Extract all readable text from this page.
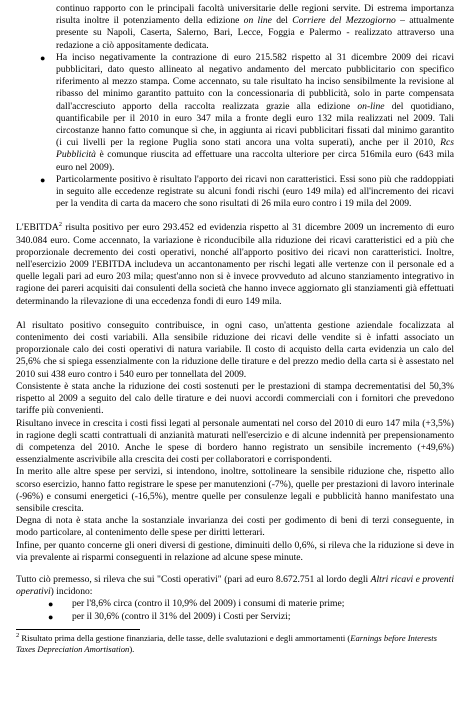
continuo rapporto con le principali facoltà universitarie delle regioni servite. Di estrema importanza risulta inoltre il potenziamento della edizione on line del Corriere del Mezzogiorno – attualmente presente su Napoli, Caserta, Salerno, Bari, Lecce, Foggia e Palermo - realizzato attraverso una redazione a ciò appositamente dedicata.

● Ha inciso negativamente la contrazione di euro 215.582 rispetto al 31 dicembre 2009 dei ricavi pubblicitari, dato questo allineato al negativo andamento del mercato pubblicitario con specifico riferimento al mezzo stampa. Come accennato, su tale risultato ha inciso sensibilmente la revisione al ribasso del minimo garantito pattuito con la concessionaria di pubblicità, solo in parte compensata dall'accresciuto apporto della raccolta realizzata grazie alla edizione on-line del quotidiano, quantificabile per il 2010 in euro 347 mila a fronte degli euro 132 mila realizzati nel 2009. Tali circostanze hanno fatto comunque sì che, in aggiunta ai ricavi pubblicitari fissati dal minimo garantito (i cui livelli per la regione Puglia sono stati ancora una volta superati), anche per il 2010, Rcs Pubblicità è comunque riuscita ad effettuare una raccolta ulteriore per circa 516mila euro (643 mila euro nel 2009).

● Particolarmente positivo è risultato l'apporto dei ricavi non caratteristici. Essi sono più che raddoppiati in seguito alle eccedenze registrate su alcuni fondi rischi (euro 149 mila) ed all'incremento dei ricavi per la vendita di carta da macero che sono risultati di 26 mila euro contro i 19 mila del 2009.

L'EBITDA$^2$ risulta positivo per euro 293.452 ed evidenzia rispetto al 31 dicembre 2009 un incremento di euro 340.084 euro. Come accennato, la variazione è riconducibile alla riduzione dei ricavi caratteristici ed a più che proporzionale decremento dei costi operativi, nonché all'apporto positivo dei ricavi non caratteristici. Inoltre, nell'esercizio 2009 l'EBITDA includeva un accantonamento per rischi legati alle vertenze con il personale ed a quelle legali pari ad euro 203 mila; quest'anno non si è invece provveduto ad alcuno stanziamento integrativo in ragione dei pareri acquisiti dai consulenti della società che hanno invece aggiornato gli stanziamenti già effettuati determinando la rilevazione di una eccedenza fondi di euro 149 mila.

Al risultato positivo conseguito contribuisce, in ogni caso, un'attenta gestione aziendale focalizzata al contenimento dei costi variabili. Alla sensibile riduzione dei ricavi delle vendite si è infatti associato un proporzionale calo dei costi operativi di natura variabile. Il costo di acquisto della carta evidenzia un calo del 25,6% che si spiega essenzialmente con la riduzione delle tirature e del prezzo medio della carta si è assestato nel 2010 sui 438 euro contro i 540 euro per tonnellata del 2009.

Consistente è stata anche la riduzione dei costi sostenuti per le prestazioni di stampa decrementatisi del 50,3% rispetto al 2009 a seguito del calo delle tirature e dei nuovi accordi commerciali con i fornitori che prevedono tariffe più convenienti.

Risultano invece in crescita i costi fissi legati al personale aumentati nel corso del 2010 di euro 147 mila (+3,5%) in ragione degli scatti contrattuali di anzianità maturati nell'esercizio e di alcune indennità per prepensionamento di competenza del 2010. Anche le spese di bordero hanno registrato un sensibile incremento (+49,6%) essenzialmente ascrivibile alla crescita dei costi per collaboratori e corrispondenti.

In merito alle altre spese per servizi, si intendono, inoltre, sottolineare la sensibile riduzione che, rispetto allo scorso esercizio, hanno fatto registrare le spese per manutenzioni (-7%), quelle per prestazioni di lavoro interinale (-96%) e consumi energetici (-16,5%), mentre quelle per consulenze legali e pubblicità hanno manifestato una sensibile crescita.

Degna di nota è stata anche la sostanziale invarianza dei costi per godimento di beni di terzi conseguente, in modo particolare, al contenimento delle spese per diritti letterari.

Infine, per quanto concerne gli oneri diversi di gestione, diminuiti dello 0,6%, si rileva che la riduzione si deve in via prevalente ai risparmi conseguenti in relazione ad alcune spese minute.

Tutto ciò premesso, si rileva che sui "Costi operativi" (pari ad euro 8.672.751 al lordo degli Altri ricavi e proventi operativi) incidono:

● per l'8,6% circa (contro il 10,9% del 2009) i consumi di materie prime;

● per il 30,6% (contro il 31% del 2009) i Costi per Servizi;

$^2$ Risultato prima della gestione finanziaria, delle tasse, delle svalutazioni e degli ammortamenti (Earnings before Interests Taxes Depreciation Amortisation).
